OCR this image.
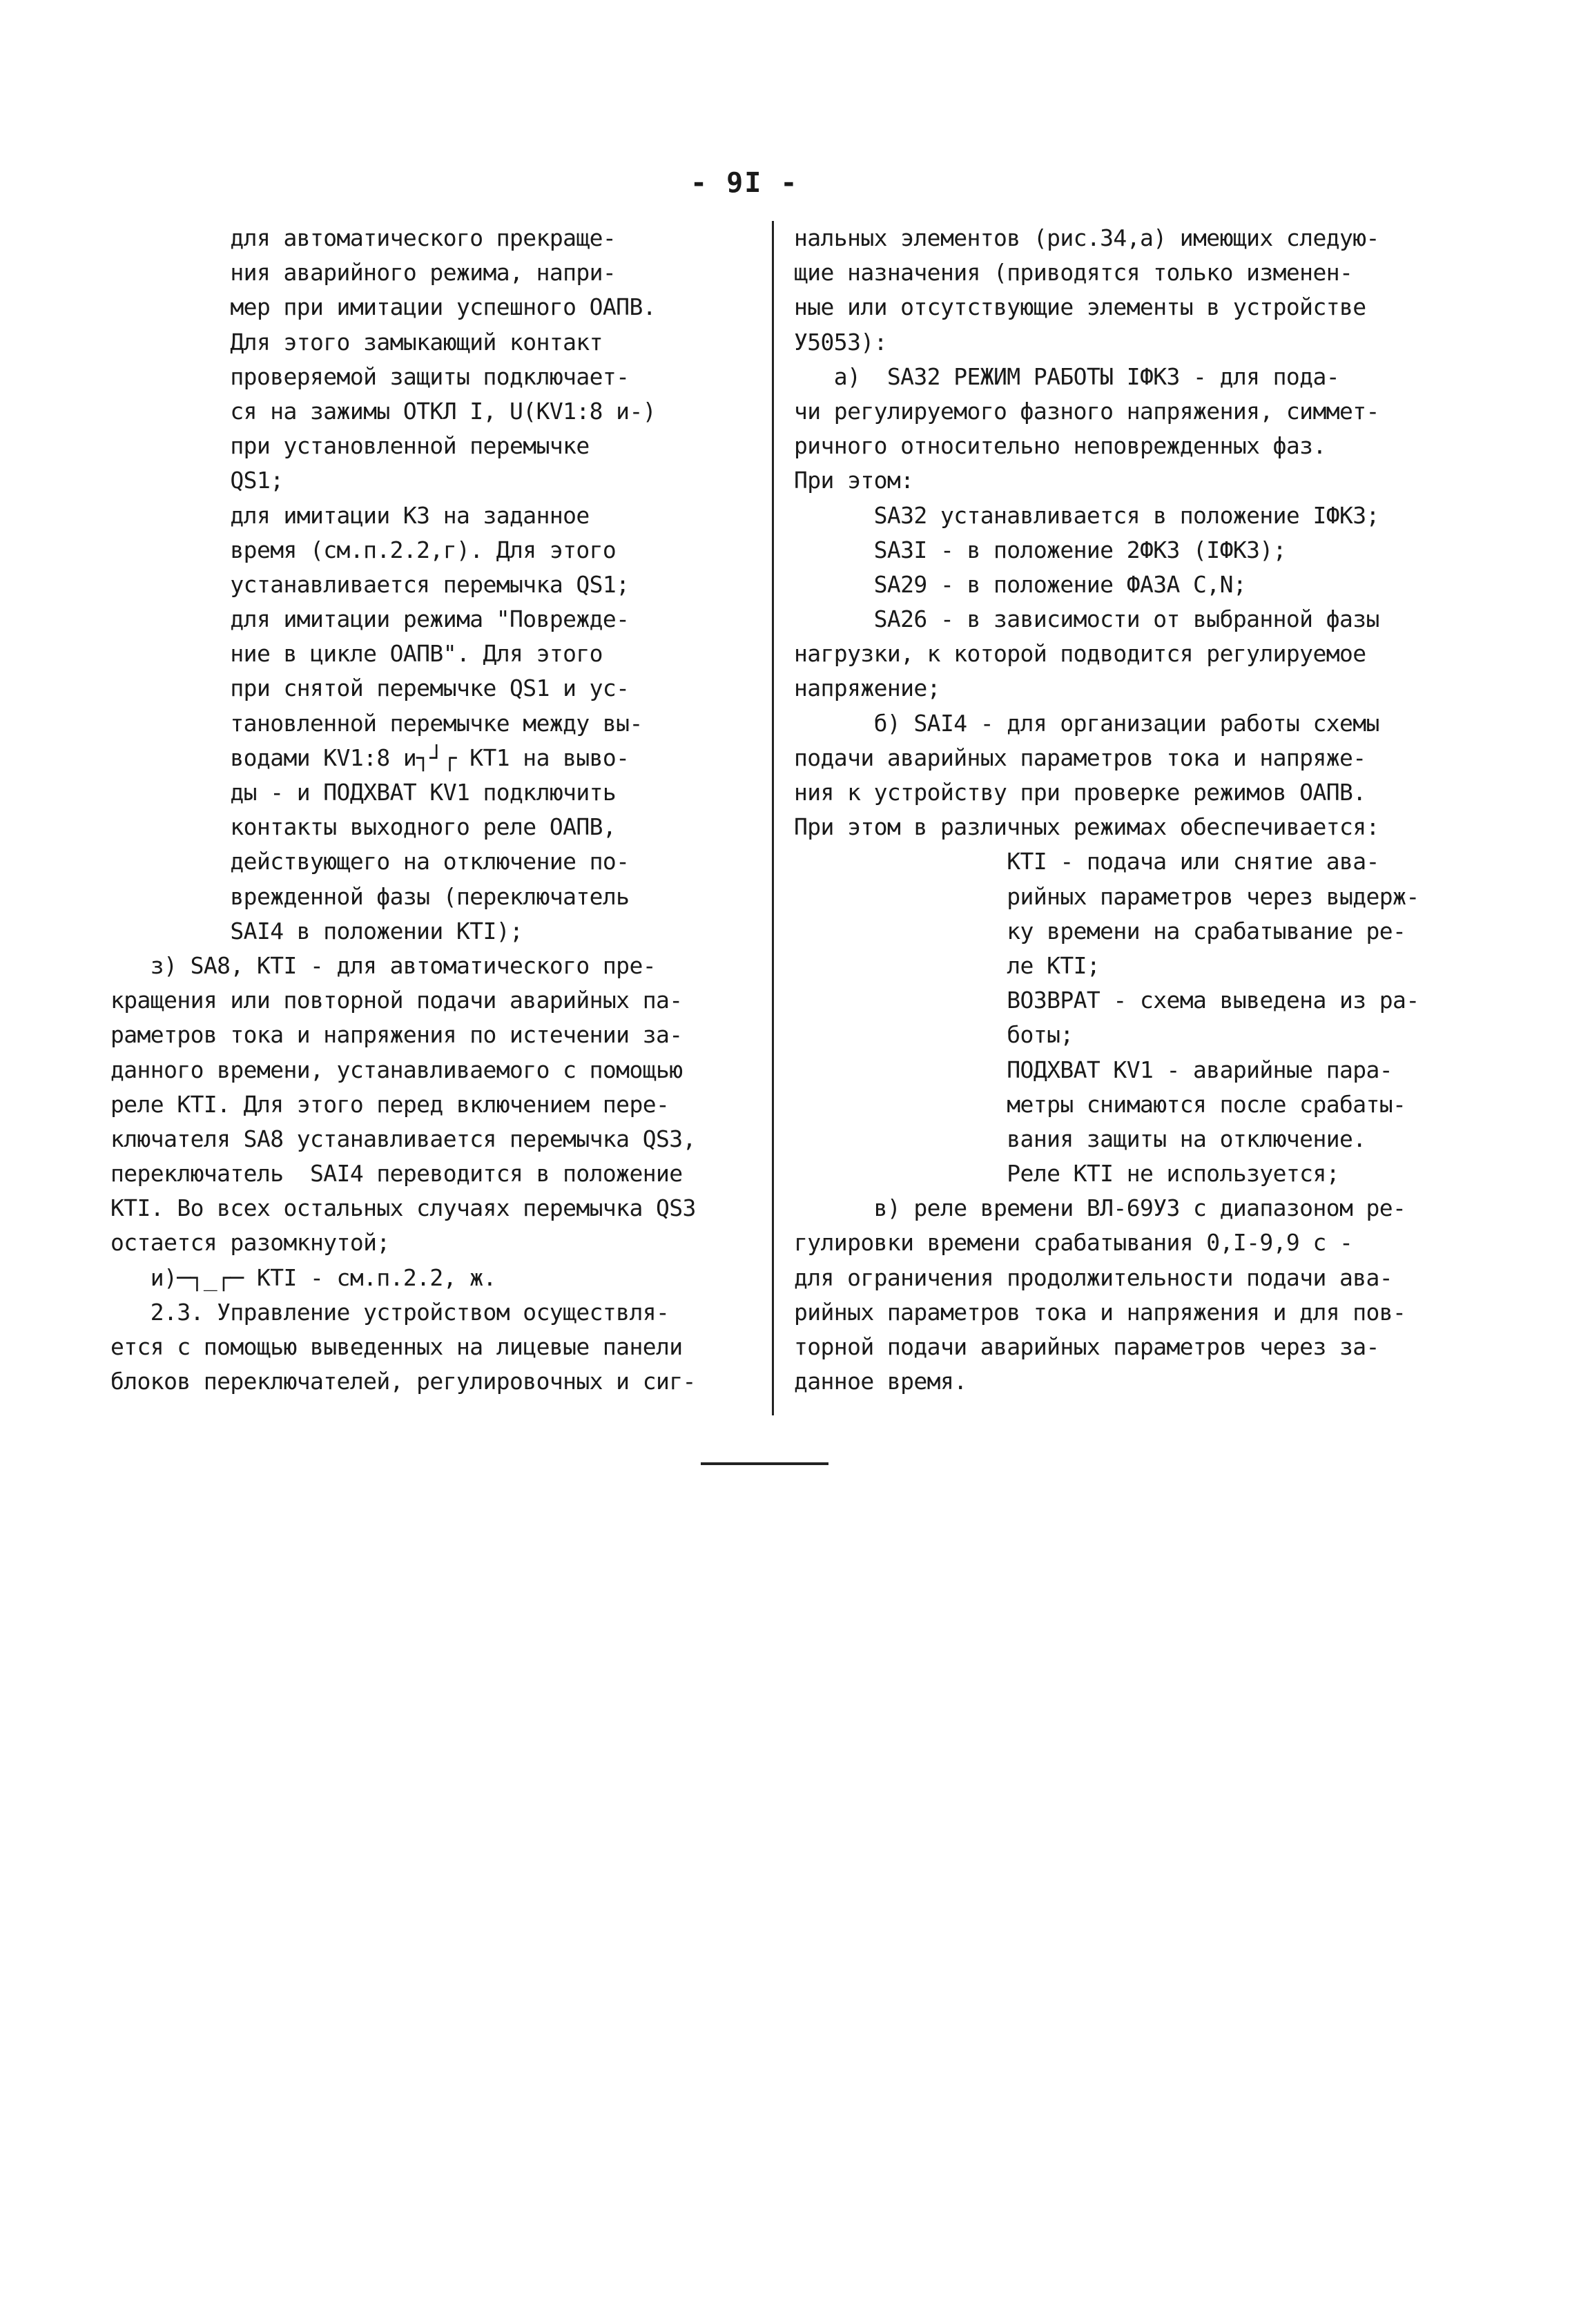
- 9I -
для автоматического прекраще-
ния аварийного режима, напри-
мер при имитации успешного ОАПВ.
Для этого замыкающий контакт
проверяемой защиты подключает-
ся на зажимы ОТКЛ I, U(KV1:8 и-)
при установленной перемычке
QS1;
для имитации КЗ на заданное
время (см.п.2.2,г). Для этого
устанавливается перемычка QS1;
для имитации режима "Поврежде-
ние в цикле ОАПВ". Для этого
при снятой перемычке QS1 и ус-
тановленной перемычке между вы-
водами KV1:8 и┐┘┌ KT1 на выво-
ды - и ПОДХВАТ KV1 подключить
контакты выходного реле ОАПВ,
действующего на отключение по-
врежденной фазы (переключатель
SAI4 в положении КТI);
з) SA8, КТI - для автоматического пре-
кращения или повторной подачи аварийных па-
раметров тока и напряжения по истечении за-
данного времени, устанавливаемого с помощью
реле КТI. Для этого перед включением пере-
ключателя SA8 устанавливается перемычка QS3,
переключатель  SAI4 переводится в положение
КТI. Во всех остальных случаях перемычка QS3
остается разомкнутой;
и)─┐_┌─ КТI - см.п.2.2, ж.
2.3. Управление устройством осуществля-
ется с помощью выведенных на лицевые панели
блоков переключателей, регулировочных и сиг-
нальных элементов (рис.34,а) имеющих следую-
щие назначения (приводятся только изменен-
ные или отсутствующие элементы в устройстве
У5053):
а)  SA32 РЕЖИМ РАБОТЫ IФКЗ - для пода-
чи регулируемого фазного напряжения, симмет-
ричного относительно неповрежденных фаз.
При этом:
SA32 устанавливается в положение IФКЗ;
SA3I - в положение 2ФКЗ (IФКЗ);
SA29 - в положение ФАЗА С,N;
SA26 - в зависимости от выбранной фазы
нагрузки, к которой подводится регулируемое
напряжение;
б) SAI4 - для организации работы схемы
подачи аварийных параметров тока и напряже-
ния к устройству при проверке режимов ОАПВ.
При этом в различных режимах обеспечивается:
КТI - подача или снятие ава-
рийных параметров через выдерж-
ку времени на срабатывание ре-
ле КТI;
ВОЗВРАТ - схема выведена из ра-
боты;
ПОДХВАТ KV1 - аварийные пара-
метры снимаются после срабаты-
вания защиты на отключение.
Реле КТI не используется;
в) реле времени ВЛ-69УЗ с диапазоном ре-
гулировки времени срабатывания 0,I-9,9 с -
для ограничения продолжительности подачи ава-
рийных параметров тока и напряжения и для пов-
торной подачи аварийных параметров через за-
данное время.
